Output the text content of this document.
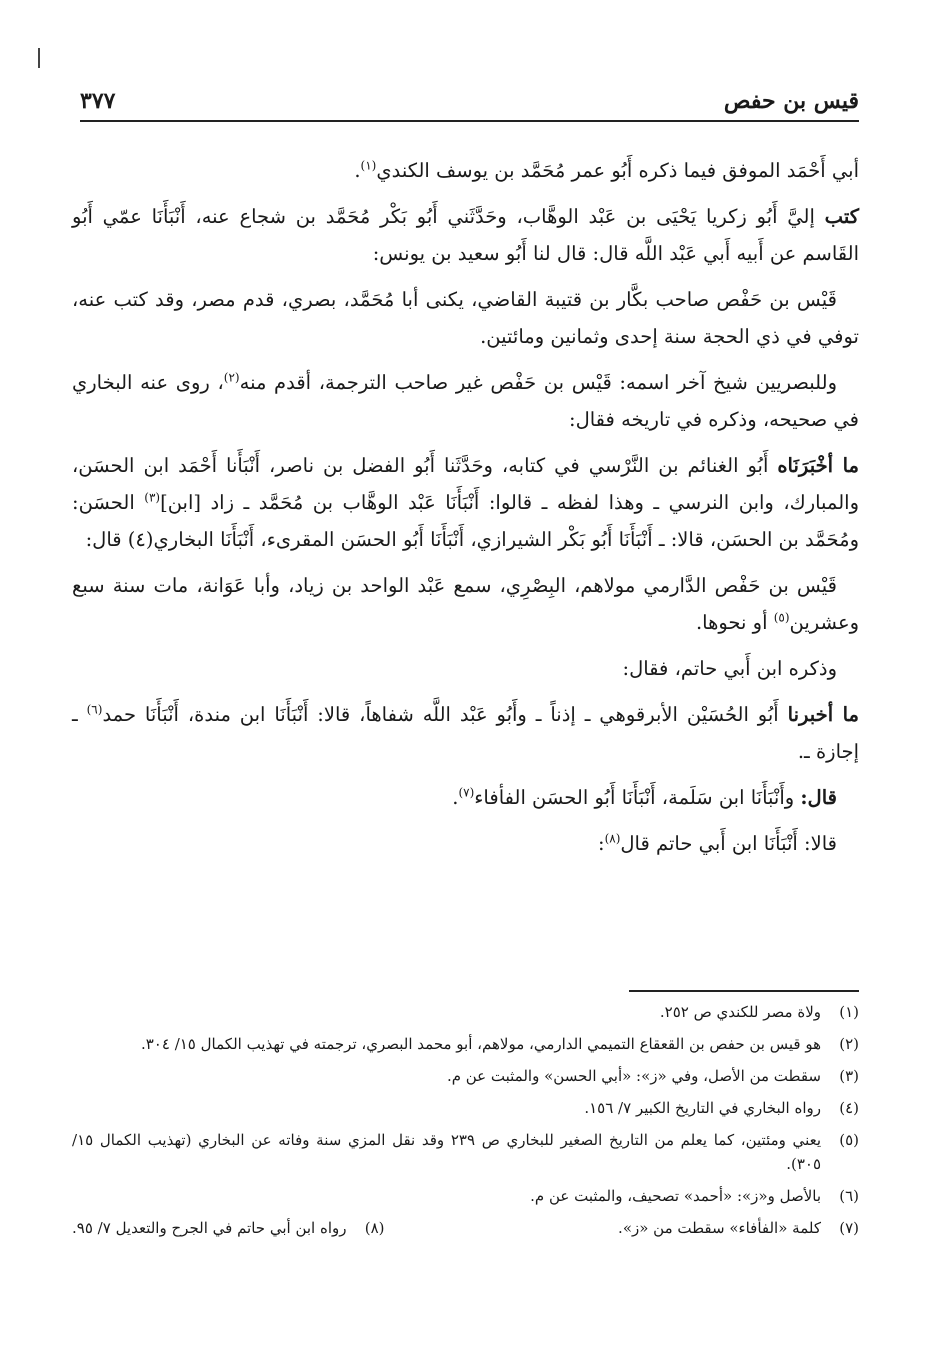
قيس بن حفص
٣٧٧

أبي أَحْمَد الموفق فيما ذكره أَبُو عمر مُحَمَّد بن يوسف الكندي$^{(١)}$.

كتب إليَّ أَبُو زكريا يَحْيَى بن عَبْد الوهَّاب، وحَدَّثَني أَبُو بَكْر مُحَمَّد بن شجاع عنه، أَنْبَأَنَا عمّي أَبُو القَاسم عن أَبيه أَبي عَبْد اللَّه قال: قال لنا أَبُو سعيد بن يونس:

قَيْس بن حَفْص صاحب بكَّار بن قتيبة القاضي، يكنى أبا مُحَمَّد، بصري، قدم مصر، وقد كتب عنه، توفي في ذي الحجة سنة إحدى وثمانين ومائتين.

وللبصريين شيخ آخر اسمه: قَيْس بن حَفْص غير صاحب الترجمة، أقدم منه$^{(٢)}$، روى عنه البخاري في صحيحه، وذكره في تاريخه فقال:

ما أخْبَرَنَاه أَبُو الغنائم بن النَّرْسي في كتابه، وحَدَّثَنا أَبُو الفضل بن ناصر، أَنْبَأَنا أَحْمَد ابن الحسَن، والمبارك، وابن النرسي ـ وهذا لفظه ـ قالوا: أَنْبَأَنَا عَبْد الوهَّاب بن مُحَمَّد ـ زاد [ابن]$^{(٣)}$ الحسَن: ومُحَمَّد بن الحسَن، قالا: ـ أَنْبَأَنَا أَبُو بَكْر الشيرازي، أَنْبَأَنَا أَبُو الحسَن المقرىء، أَنْبَأَنَا البخاري(٤) قال:

قَيْس بن حَفْص الدَّارمي مولاهم، البِصْرِي، سمع عَبْد الواحد بن زياد، وأبا عَوَانة، مات سنة سبع وعشرين$^{(٥)}$ أو نحوها.

وذكره ابن أَبي حاتم، فقال:

ما أخبرنا أَبُو الحُسَيْن الأبرقوهي ـ إذناً ـ وأَبُو عَبْد اللَّه شفاهاً، قالا: أَنْبَأَنَا ابن مندة، أَنْبَأَنَا حمد$^{(٦)}$ ـ إجازة ـ.

قال: وأَنْبَأَنَا ابن سَلَمة، أَنْبَأَنَا أَبُو الحسَن الفأفاء$^{(٧)}$.

قالا: أَنْبَأَنَا ابن أَبي حاتم قال$^{(٨)}$:

(١)
ولاة مصر للكندي ص ٢٥٢.
(٢)
هو قيس بن حفص بن القعقاع التميمي الدارمي، مولاهم، أبو محمد البصري، ترجمته في تهذيب الكمال ١٥/ ٣٠٤.
(٣)
سقطت من الأصل، وفي «ز»: «أبي الحسن» والمثبت عن م.
(٤)
رواه البخاري في التاريخ الكبير ٧/ ١٥٦.
(٥)
يعني ومئتين، كما يعلم من التاريخ الصغير للبخاري ص ٢٣٩ وقد نقل المزي سنة وفاته عن البخاري (تهذيب الكمال ١٥/ ٣٠٥).
(٦)
بالأصل و«ز»: «أحمد» تصحيف، والمثبت عن م.
(٧)
كلمة «الفأفاء» سقطت من «ز».
(٨)
رواه ابن أبي حاتم في الجرح والتعديل ٧/ ٩٥.
